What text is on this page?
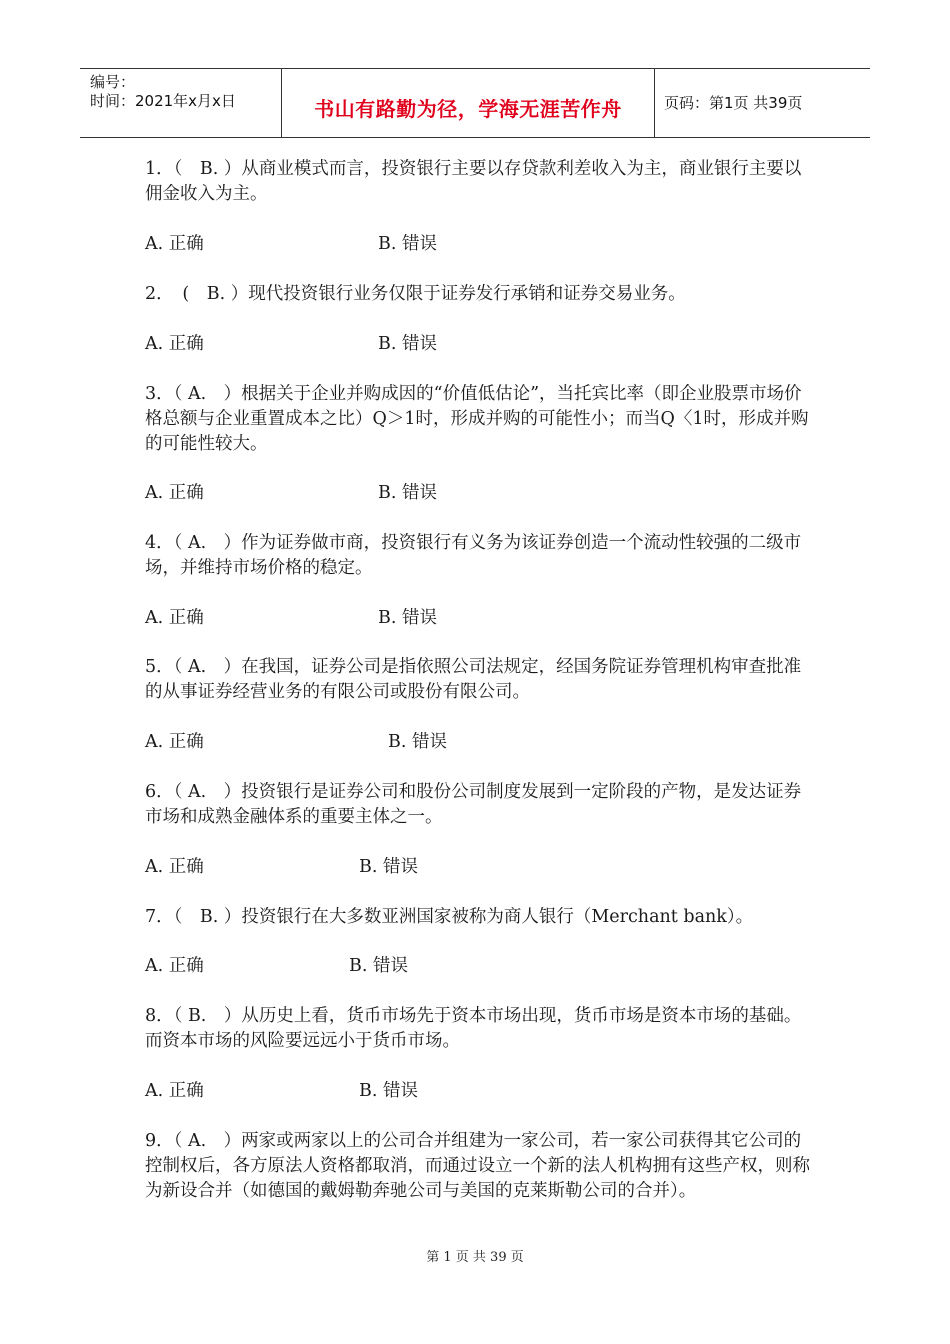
编号：
时间：2021年x月x日	书山有路勤为径，学海无涯苦作舟	页码：第1页 共39页
1．（　B. ）从商业模式而言，投资银行主要以存贷款利差收入为主，商业银行主要以佣金收入为主。
A. 正确	B. 错误
2．　(　B. ）现代投资银行业务仅限于证券发行承销和证券交易业务。
A. 正确	B. 错误
3．（ A.　）根据关于企业并购成因的“价值低估论”，当托宾比率（即企业股票市场价格总额与企业重置成本之比）Q＞1时，形成并购的可能性小；而当Q〈1时，形成并购的可能性较大。
A. 正确	B. 错误
4．（ A.　）作为证券做市商，投资银行有义务为该证券创造一个流动性较强的二级市场，并维持市场价格的稳定。
A. 正确	B. 错误
5．（ A.　）在我国，证券公司是指依照公司法规定，经国务院证券管理机构审查批准的从事证券经营业务的有限公司或股份有限公司。
A. 正确	B. 错误
6．（ A.　）投资银行是证券公司和股份公司制度发展到一定阶段的产物，是发达证券市场和成熟金融体系的重要主体之一。
A. 正确	B. 错误
7．（　B. ）投资银行在大多数亚洲国家被称为商人银行（Merchant bank）。
A. 正确	B. 错误
8．（ B.　）从历史上看，货币市场先于资本市场出现，货币市场是资本市场的基础。而资本市场的风险要远远小于货币市场。
A. 正确	B. 错误
9．（ A.　）两家或两家以上的公司合并组建为一家公司，若一家公司获得其它公司的控制权后，各方原法人资格都取消，而通过设立一个新的法人机构拥有这些产权，则称为新设合并（如德国的戴姆勒奔驰公司与美国的克莱斯勒公司的合并）。
第 1 页 共 39 页
